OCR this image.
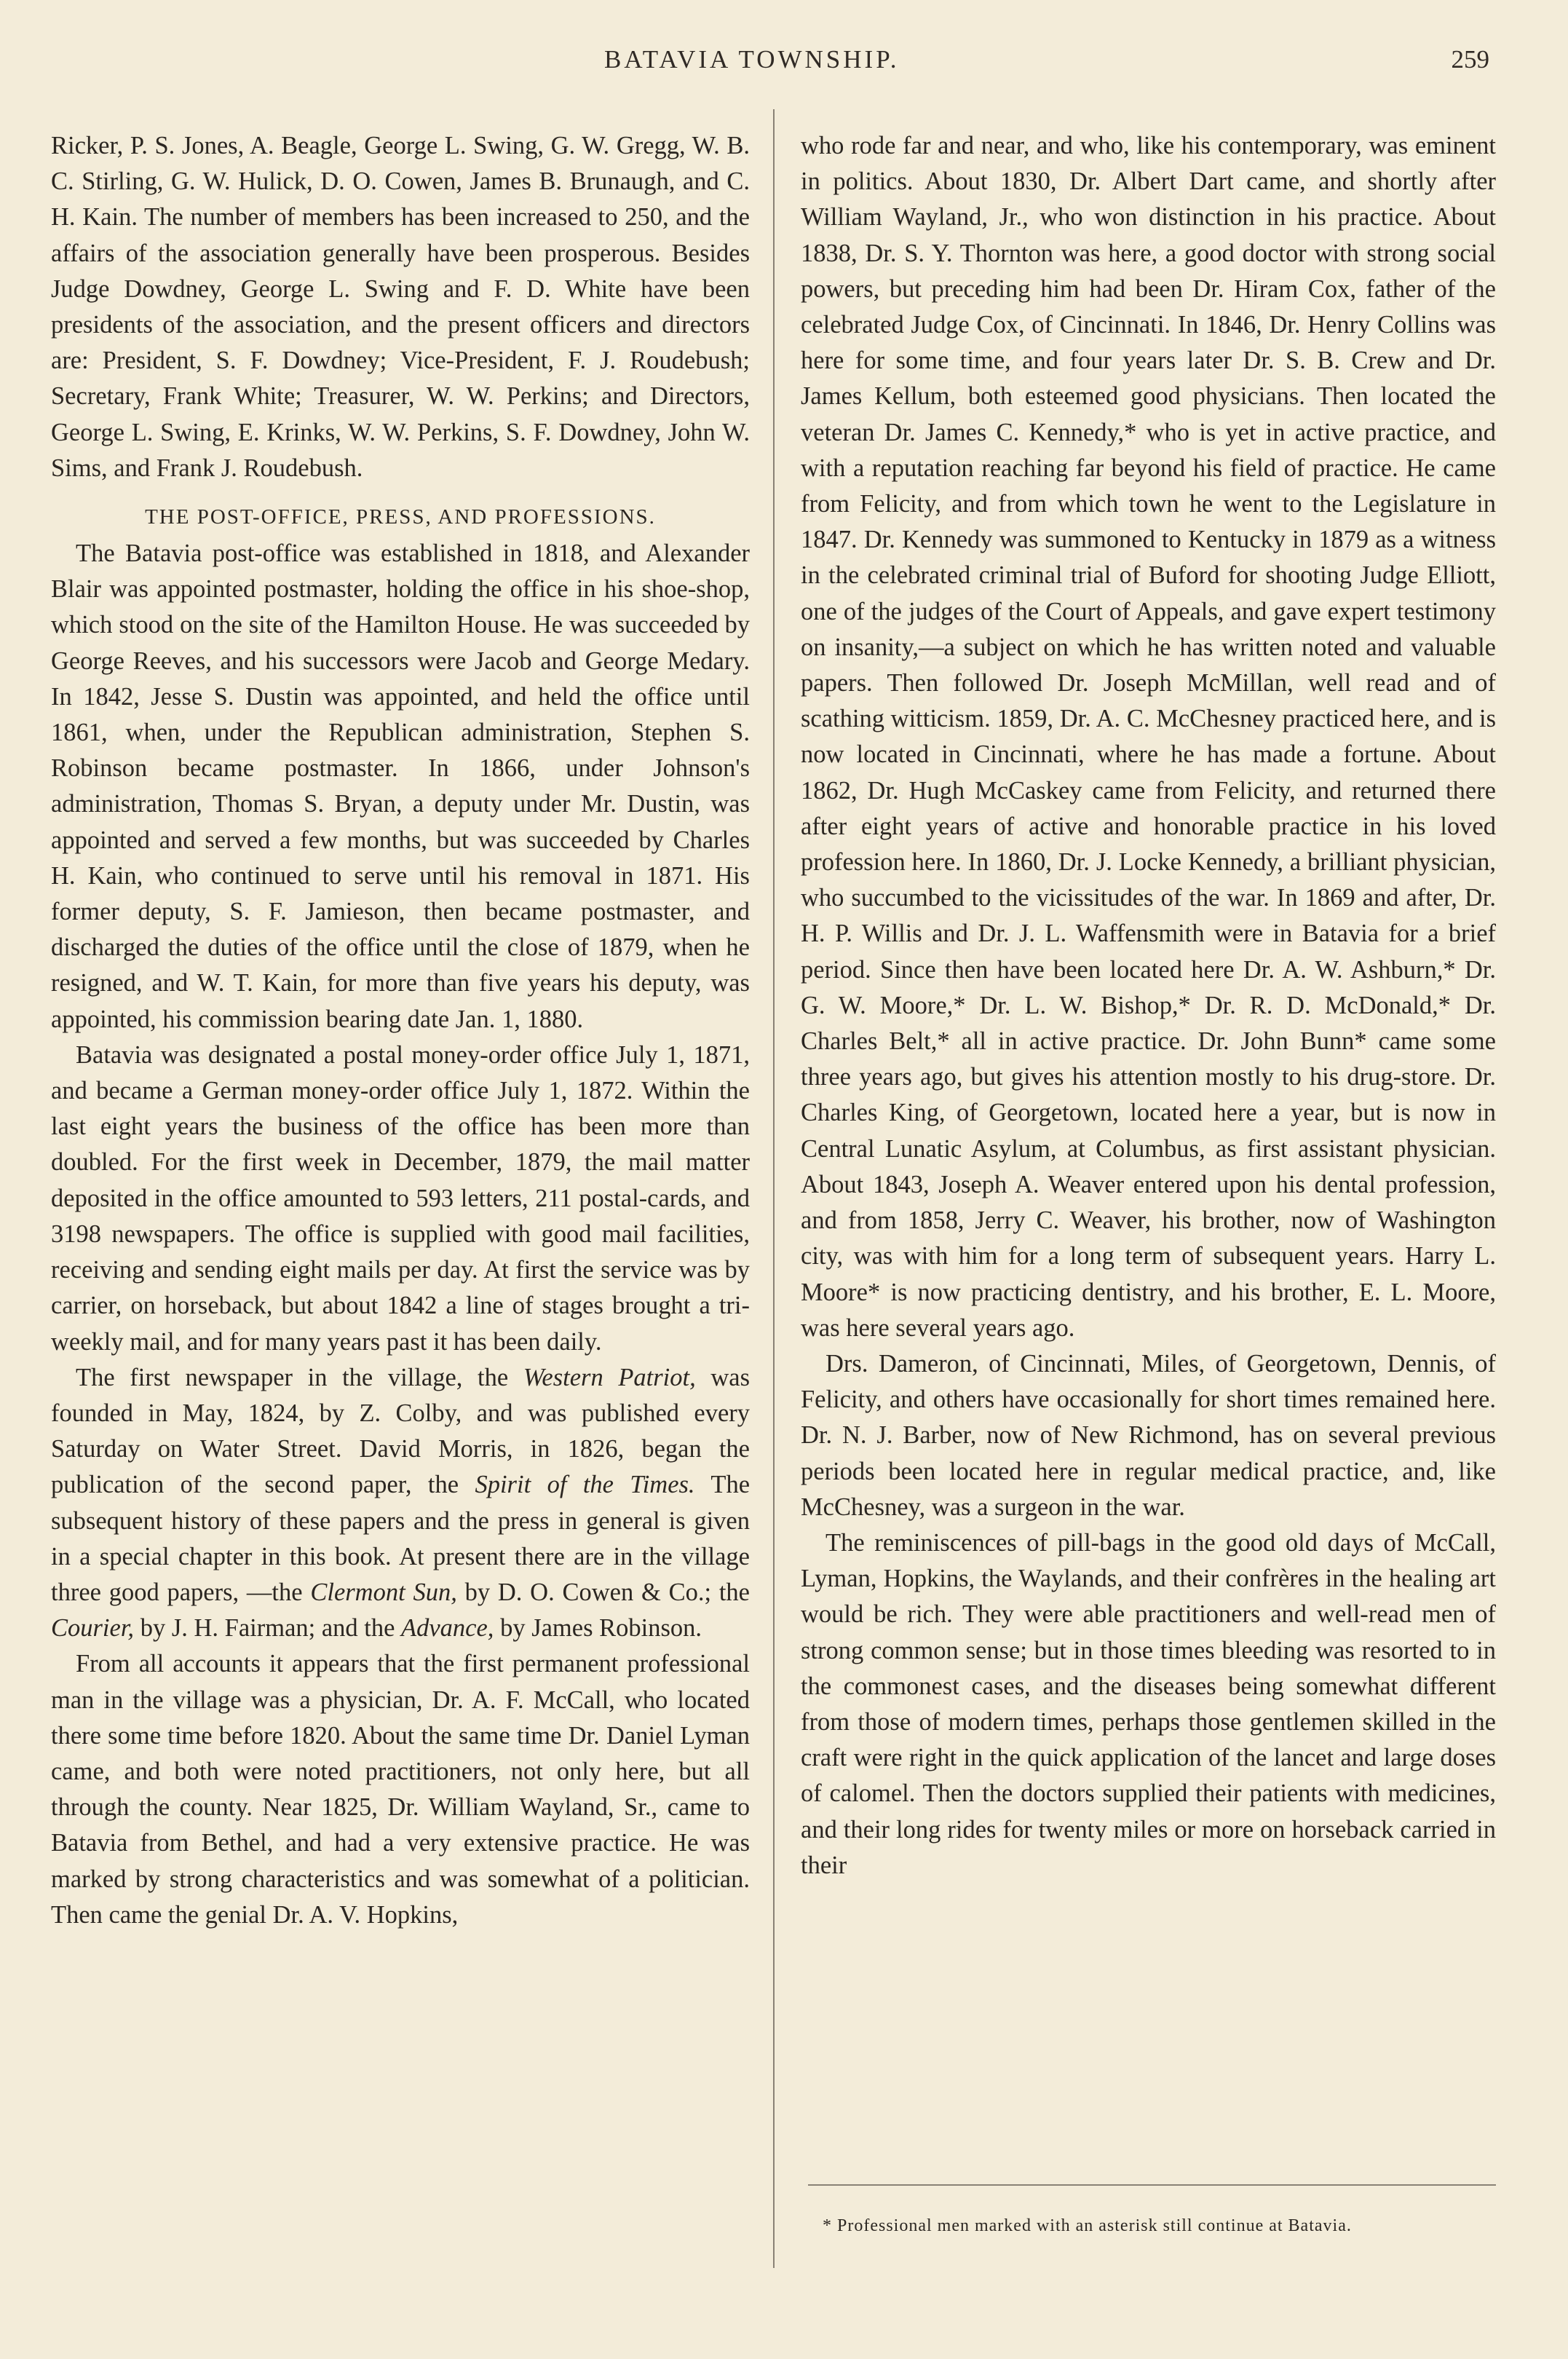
BATAVIA TOWNSHIP.	259

Ricker, P. S. Jones, A. Beagle, George L. Swing, G. W. Gregg, W. B. C. Stirling, G. W. Hulick, D. O. Cowen, James B. Brunaugh, and C. H. Kain. The number of members has been increased to 250, and the affairs of the association generally have been prosperous. Besides Judge Dowdney, George L. Swing and F. D. White have been presidents of the association, and the present officers and directors are: President, S. F. Dowdney; Vice-President, F. J. Roudebush; Secretary, Frank White; Treasurer, W. W. Perkins; and Directors, George L. Swing, E. Krinks, W. W. Perkins, S. F. Dowdney, John W. Sims, and Frank J. Roudebush.

THE POST-OFFICE, PRESS, AND PROFESSIONS.

The Batavia post-office was established in 1818, and Alexander Blair was appointed postmaster, holding the office in his shoe-shop, which stood on the site of the Hamilton House. He was succeeded by George Reeves, and his successors were Jacob and George Medary. In 1842, Jesse S. Dustin was appointed, and held the office until 1861, when, under the Republican administration, Stephen S. Robinson became postmaster. In 1866, under Johnson's administration, Thomas S. Bryan, a deputy under Mr. Dustin, was appointed and served a few months, but was succeeded by Charles H. Kain, who continued to serve until his removal in 1871. His former deputy, S. F. Jamieson, then became postmaster, and discharged the duties of the office until the close of 1879, when he resigned, and W. T. Kain, for more than five years his deputy, was appointed, his commission bearing date Jan. 1, 1880.

Batavia was designated a postal money-order office July 1, 1871, and became a German money-order office July 1, 1872. Within the last eight years the business of the office has been more than doubled. For the first week in December, 1879, the mail matter deposited in the office amounted to 593 letters, 211 postal-cards, and 3198 newspapers. The office is supplied with good mail facilities, receiving and sending eight mails per day. At first the service was by carrier, on horseback, but about 1842 a line of stages brought a tri-weekly mail, and for many years past it has been daily.

The first newspaper in the village, the Western Patriot, was founded in May, 1824, by Z. Colby, and was published every Saturday on Water Street. David Morris, in 1826, began the publication of the second paper, the Spirit of the Times. The subsequent history of these papers and the press in general is given in a special chapter in this book. At present there are in the village three good papers, —the Clermont Sun, by D. O. Cowen & Co.; the Courier, by J. H. Fairman; and the Advance, by James Robinson.

From all accounts it appears that the first permanent professional man in the village was a physician, Dr. A. F. McCall, who located there some time before 1820. About the same time Dr. Daniel Lyman came, and both were noted practitioners, not only here, but all through the county. Near 1825, Dr. William Wayland, Sr., came to Batavia from Bethel, and had a very extensive practice. He was marked by strong characteristics and was somewhat of a politician. Then came the genial Dr. A. V. Hopkins,

who rode far and near, and who, like his contemporary, was eminent in politics. About 1830, Dr. Albert Dart came, and shortly after William Wayland, Jr., who won distinction in his practice. About 1838, Dr. S. Y. Thornton was here, a good doctor with strong social powers, but preceding him had been Dr. Hiram Cox, father of the celebrated Judge Cox, of Cincinnati. In 1846, Dr. Henry Collins was here for some time, and four years later Dr. S. B. Crew and Dr. James Kellum, both esteemed good physicians. Then located the veteran Dr. James C. Kennedy,* who is yet in active practice, and with a reputation reaching far beyond his field of practice. He came from Felicity, and from which town he went to the Legislature in 1847. Dr. Kennedy was summoned to Kentucky in 1879 as a witness in the celebrated criminal trial of Buford for shooting Judge Elliott, one of the judges of the Court of Appeals, and gave expert testimony on insanity,—a subject on which he has written noted and valuable papers. Then followed Dr. Joseph McMillan, well read and of scathing witticism. 1859, Dr. A. C. McChesney practiced here, and is now located in Cincinnati, where he has made a fortune. About 1862, Dr. Hugh McCaskey came from Felicity, and returned there after eight years of active and honorable practice in his loved profession here. In 1860, Dr. J. Locke Kennedy, a brilliant physician, who succumbed to the vicissitudes of the war. In 1869 and after, Dr. H. P. Willis and Dr. J. L. Waffensmith were in Batavia for a brief period. Since then have been located here Dr. A. W. Ashburn,* Dr. G. W. Moore,* Dr. L. W. Bishop,* Dr. R. D. McDonald,* Dr. Charles Belt,* all in active practice. Dr. John Bunn* came some three years ago, but gives his attention mostly to his drug-store. Dr. Charles King, of Georgetown, located here a year, but is now in Central Lunatic Asylum, at Columbus, as first assistant physician. About 1843, Joseph A. Weaver entered upon his dental profession, and from 1858, Jerry C. Weaver, his brother, now of Washington city, was with him for a long term of subsequent years. Harry L. Moore* is now practicing dentistry, and his brother, E. L. Moore, was here several years ago.

Drs. Dameron, of Cincinnati, Miles, of Georgetown, Dennis, of Felicity, and others have occasionally for short times remained here. Dr. N. J. Barber, now of New Richmond, has on several previous periods been located here in regular medical practice, and, like McChesney, was a surgeon in the war.

The reminiscences of pill-bags in the good old days of McCall, Lyman, Hopkins, the Waylands, and their confrères in the healing art would be rich. They were able practitioners and well-read men of strong common sense; but in those times bleeding was resorted to in the commonest cases, and the diseases being somewhat different from those of modern times, perhaps those gentlemen skilled in the craft were right in the quick application of the lancet and large doses of calomel. Then the doctors supplied their patients with medicines, and their long rides for twenty miles or more on horseback carried in their

* Professional men marked with an asterisk still continue at Batavia.
